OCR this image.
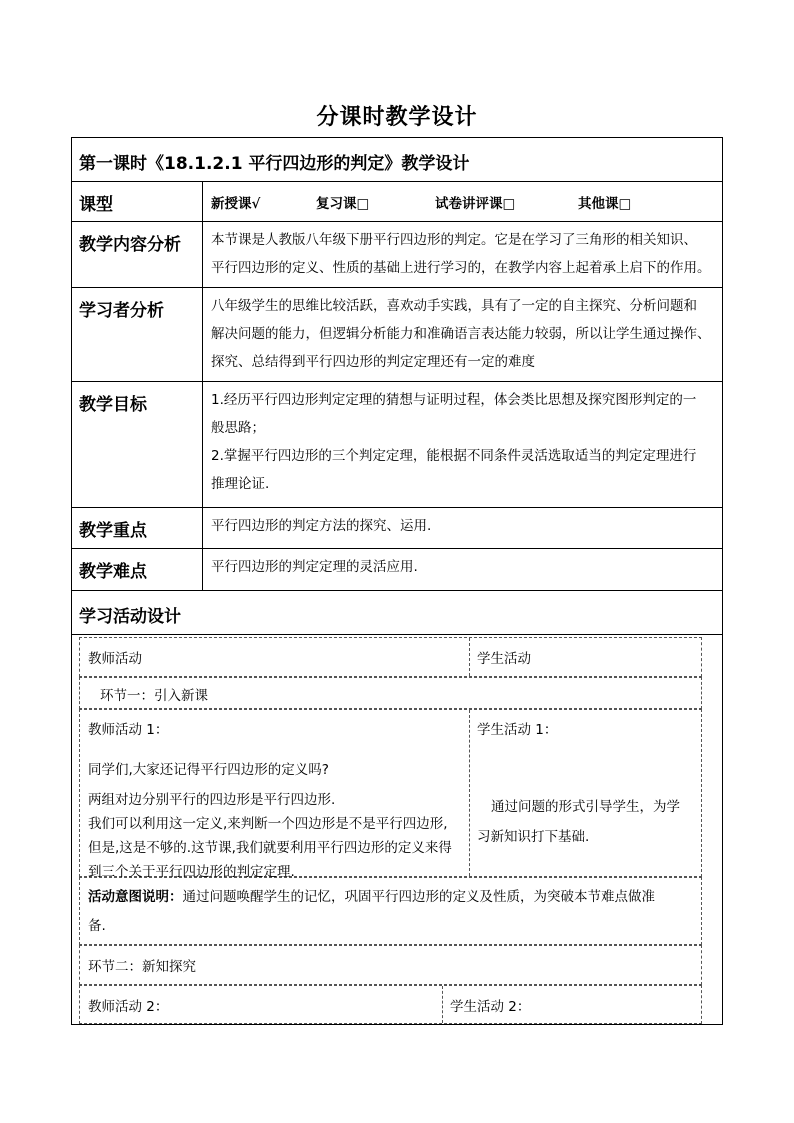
分课时教学设计
第一课时《18.1.2.1 平行四边形的判定》教学设计
课型	新授课√	复习课□	试卷讲评课□	其他课□
教学内容分析	本节课是人教版八年级下册平行四边形的判定。它是在学习了三角形的相关知识、
平行四边形的定义、性质的基础上进行学习的，在教学内容上起着承上启下的作用。
学习者分析	八年级学生的思维比较活跃，喜欢动手实践，具有了一定的自主探究、分析问题和
解决问题的能力，但逻辑分析能力和准确语言表达能力较弱，所以让学生通过操作、
探究、总结得到平行四边形的判定定理还有一定的难度
教学目标	1.经历平行四边形判定定理的猜想与证明过程，体会类比思想及探究图形判定的一
般思路；
2.掌握平行四边形的三个判定定理，能根据不同条件灵活选取适当的判定定理进行
推理论证.
教学重点	平行四边形的判定方法的探究、运用.
教学难点	平行四边形的判定定理的灵活应用.
学习活动设计
教师活动	学生活动
环节一：引入新课
教师活动 1：
同学们,大家还记得平行四边形的定义吗?
两组对边分别平行的四边形是平行四边形.
我们可以利用这一定义,来判断一个四边形是不是平行四边形,
但是,这是不够的.这节课,我们就要利用平行四边形的定义来得
到三个关于平行四边形的判定定理.
学生活动 1：
通过问题的形式引导学生，为学
习新知识打下基础.
活动意图说明：通过问题唤醒学生的记忆，巩固平行四边形的定义及性质，为突破本节难点做准
备.
环节二：新知探究
教师活动 2：	学生活动 2：
